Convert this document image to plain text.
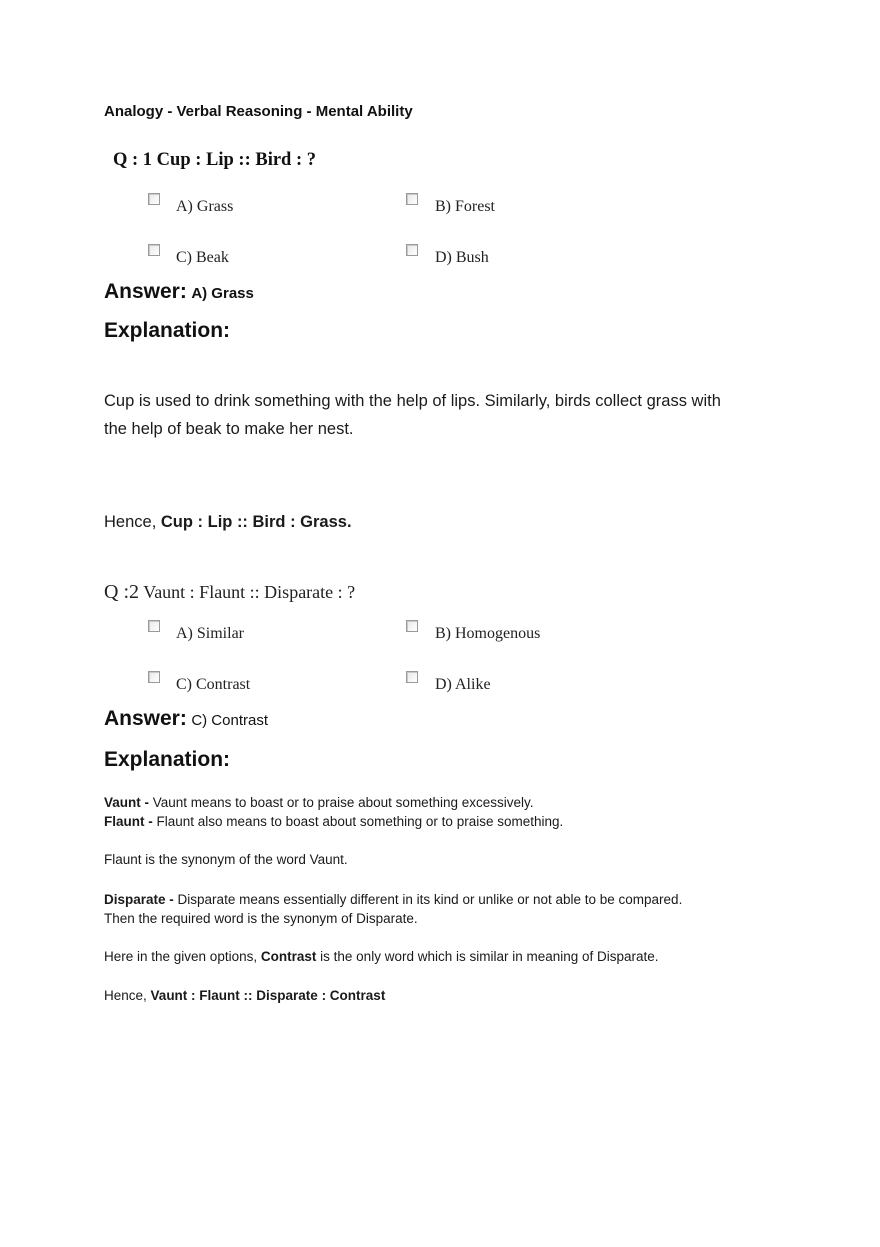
Analogy - Verbal Reasoning - Mental Ability
Q : 1 Cup : Lip :: Bird : ?
A) Grass	B) Forest
C) Beak	D) Bush
Answer: A) Grass
Explanation:
Cup is used to drink something with the help of lips. Similarly, birds collect grass with
the help of beak to make her nest.
Hence, Cup : Lip :: Bird : Grass.
Q :2 Vaunt : Flaunt :: Disparate : ?
A) Similar	B) Homogenous
C) Contrast	D) Alike
Answer: C) Contrast
Explanation:
Vaunt - Vaunt means to boast or to praise about something excessively.
Flaunt - Flaunt also means to boast about something or to praise something.
Flaunt is the synonym of the word Vaunt.
Disparate - Disparate means essentially different in its kind or unlike or not able to be compared.
Then the required word is the synonym of Disparate.
Here in the given options, Contrast is the only word which is similar in meaning of Disparate.
Hence, Vaunt : Flaunt :: Disparate : Contrast
